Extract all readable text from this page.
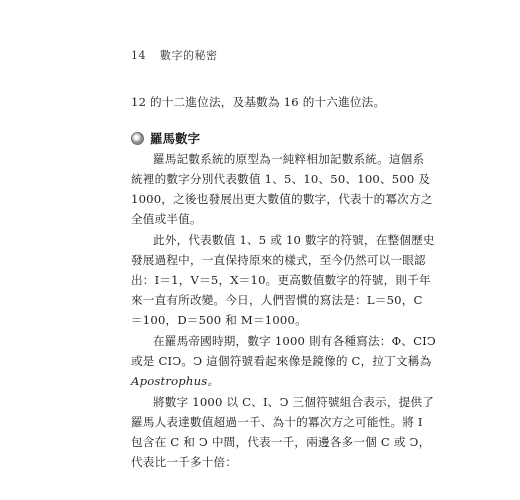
14 數字的秘密
12 的十二進位法，及基數為 16 的十六進位法。
羅馬數字
羅馬記數系統的原型為一純粹相加記數系統。這個系
統裡的數字分別代表數值 1、5、10、50、100、500 及
1000，之後也發展出更大數值的數字，代表十的冪次方之
全值或半值。
此外，代表數值 1、5 或 10 數字的符號，在整個歷史
發展過程中，一直保持原來的樣式，至今仍然可以一眼認
出：I＝1，V＝5，X＝10。更高數值數字的符號，則千年
來一直有所改變。今日，人們習慣的寫法是：L＝50，C
＝100，D＝500 和 M＝1000。
在羅馬帝國時期，數字 1000 則有各種寫法：Φ、ⅭⅠↃ
或是 CIↃ。Ↄ 這個符號看起來像是鏡像的 C，拉丁文稱為
Apostrophus。
將數字 1000 以 C、I、Ↄ 三個符號組合表示，提供了
羅馬人表達數值超過一千、為十的冪次方之可能性。將 I
包含在 C 和 Ↄ 中間，代表一千，兩邊各多一個 C 或 Ↄ，
代表比一千多十倍：
